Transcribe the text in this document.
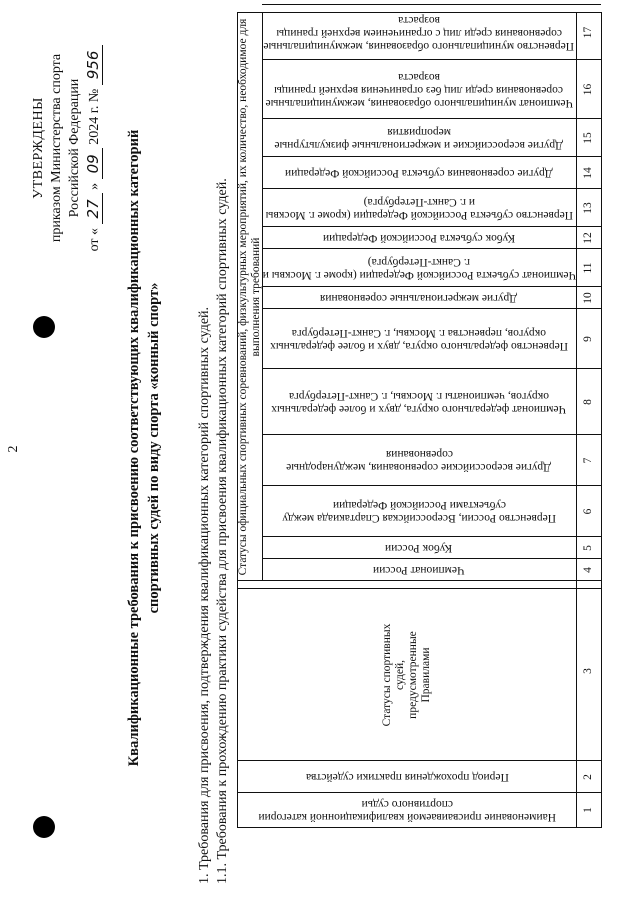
2
УТВЕРЖДЕНЫ приказом Министерства спорта Российской Федерации
от « 27 » 09 2024 г. № 956
Квалификационные требования к присвоению соответствующих квалификационных категорий спортивных судей по виду спорта «конный спорт»	1. Требования для присвоения, подтверждения квалификационных категорий спортивных судей. 1.1. Требования к прохождению практики судейства для присвоения квалификационных категорий спортивных судей.	Наименование присваиваемой квалификационной категории спортивного судьи
Период прохождения практики судейства
Статусы спортивных судей, предусмотренные Правилами
Статусы официальных спортивных соревнований, физкультурных мероприятий, их количество, необходимое для выполнения требований
Чемпионат России
Кубок России
Первенство России, Всероссийская Спартакиада между субъектами Российской Федерации
Другие всероссийские соревнования, международные соревнования
Чемпионат федерального округа, двух и более федеральных округов, чемпионаты г. Москвы, г. Санкт-Петербурга
Первенство федерального округа, двух и более федеральных округов, первенства г. Москвы, г. Санкт-Петербурга
Другие межрегиональные соревнования
Чемпионат субъекта Российской Федерации (кроме г. Москвы и г. Санкт-Петербурга)
Кубок субъекта Российской Федерации
Первенство субъекта Российской Федерации (кроме г. Москвы и г. Санкт-Петербурга)
Другие соревнования субъекта Российской Федерации
Другие всероссийские и межрегиональные физкультурные мероприятия
Чемпионат муниципального образования, межмуниципальные соревнования среди лиц без ограничения верхней границы возраста
Первенство муниципального образования, межмуниципальные соревнования среди лиц с ограничением верхней границы возраста
1
2
3
4
5
6
7
8
9
10
11
12
13
14
15
16
17
